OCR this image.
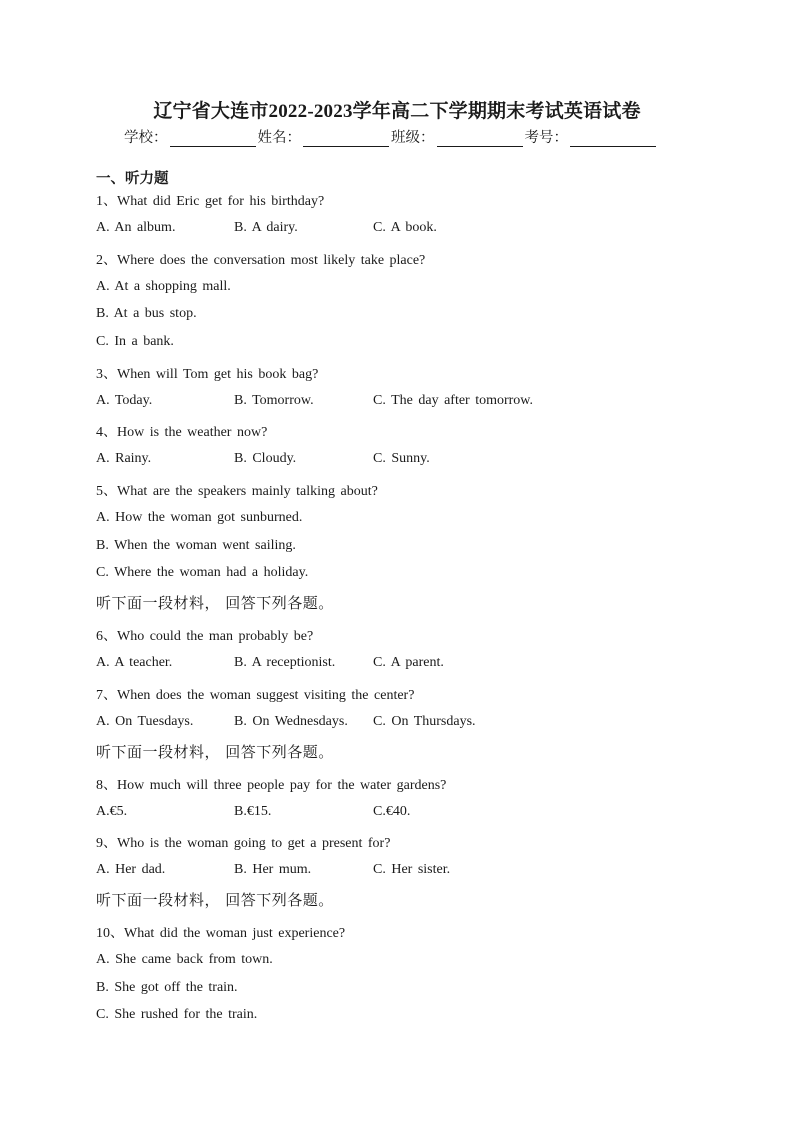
辽宁省大连市2022-2023学年高二下学期期末考试英语试卷
学校：	姓名：	班级：	考号：
一、听力题
1、What did Eric get for his birthday?
A. An album.	B. A dairy.	C. A book.
2、Where does the conversation most likely take place?
A. At a shopping mall.
B. At a bus stop.
C. In a bank.
3、When will Tom get his book bag?
A. Today.	B. Tomorrow.	C. The day after tomorrow.
4、How is the weather now?
A. Rainy.	B. Cloudy.	C. Sunny.
5、What are the speakers mainly talking about?
A. How the woman got sunburned.
B. When the woman went sailing.
C. Where the woman had a holiday.
听下面一段材料， 回答下列各题。
6、Who could the man probably be?
A. A teacher.	B. A receptionist.	C. A parent.
7、When does the woman suggest visiting the center?
A. On Tuesdays.	B. On Wednesdays. C. On Thursdays.
听下面一段材料， 回答下列各题。
8、How much will three people pay for the water gardens?
A.€5.	B.€15.	C.€40.
9、Who is the woman going to get a present for?
A. Her dad.	B. Her mum.	C. Her sister.
听下面一段材料， 回答下列各题。
10、What did the woman just experience?
A. She came back from town.
B. She got off the train.
C. She rushed for the train.
